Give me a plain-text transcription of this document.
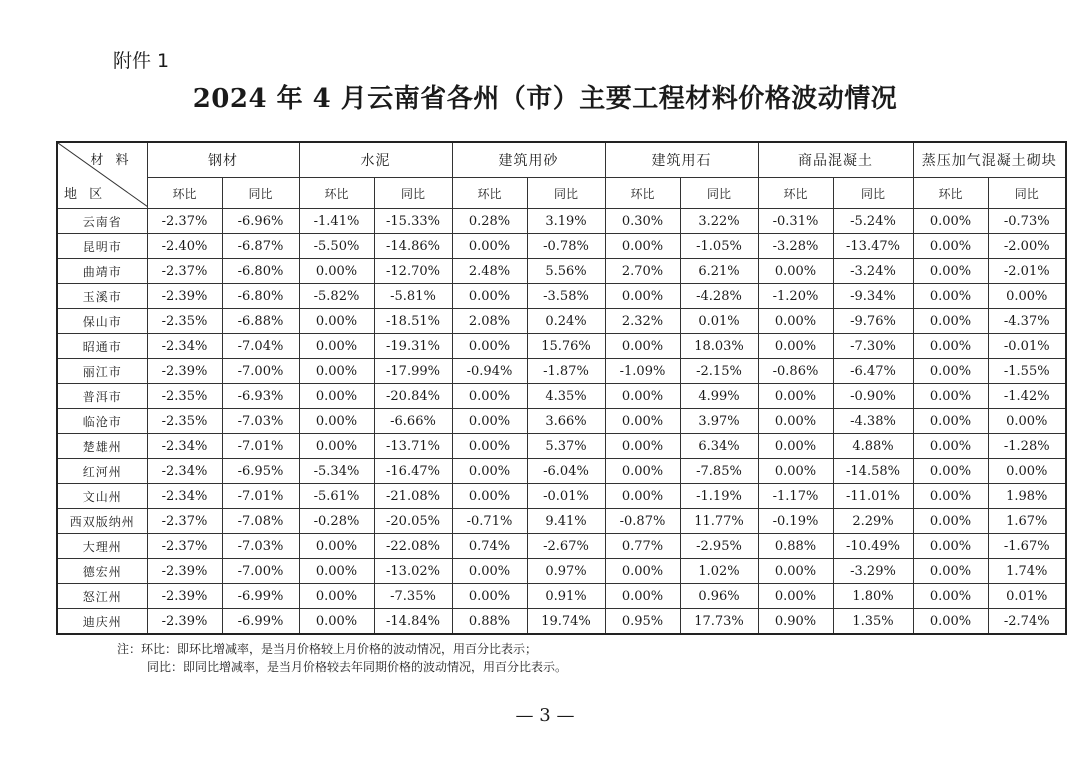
附件 1
2024 年 4 月云南省各州（市）主要工程材料价格波动情况
材 料
地 区	钢材		水泥		建筑用砂		建筑用石		商品混凝土		蒸压加气混凝土砌块	
	环比	同比	环比	同比	环比	同比	环比	同比	环比	同比	环比	同比
云南省	-2.37%	-6.96%	-1.41%	-15.33%	0.28%	3.19%	0.30%	3.22%	-0.31%	-5.24%	0.00%	-0.73%
昆明市	-2.40%	-6.87%	-5.50%	-14.86%	0.00%	-0.78%	0.00%	-1.05%	-3.28%	-13.47%	0.00%	-2.00%
曲靖市	-2.37%	-6.80%	0.00%	-12.70%	2.48%	5.56%	2.70%	6.21%	0.00%	-3.24%	0.00%	-2.01%
玉溪市	-2.39%	-6.80%	-5.82%	-5.81%	0.00%	-3.58%	0.00%	-4.28%	-1.20%	-9.34%	0.00%	0.00%
保山市	-2.35%	-6.88%	0.00%	-18.51%	2.08%	0.24%	2.32%	0.01%	0.00%	-9.76%	0.00%	-4.37%
昭通市	-2.34%	-7.04%	0.00%	-19.31%	0.00%	15.76%	0.00%	18.03%	0.00%	-7.30%	0.00%	-0.01%
丽江市	-2.39%	-7.00%	0.00%	-17.99%	-0.94%	-1.87%	-1.09%	-2.15%	-0.86%	-6.47%	0.00%	-1.55%
普洱市	-2.35%	-6.93%	0.00%	-20.84%	0.00%	4.35%	0.00%	4.99%	0.00%	-0.90%	0.00%	-1.42%
临沧市	-2.35%	-7.03%	0.00%	-6.66%	0.00%	3.66%	0.00%	3.97%	0.00%	-4.38%	0.00%	0.00%
楚雄州	-2.34%	-7.01%	0.00%	-13.71%	0.00%	5.37%	0.00%	6.34%	0.00%	4.88%	0.00%	-1.28%
红河州	-2.34%	-6.95%	-5.34%	-16.47%	0.00%	-6.04%	0.00%	-7.85%	0.00%	-14.58%	0.00%	0.00%
文山州	-2.34%	-7.01%	-5.61%	-21.08%	0.00%	-0.01%	0.00%	-1.19%	-1.17%	-11.01%	0.00%	1.98%
西双版纳州	-2.37%	-7.08%	-0.28%	-20.05%	-0.71%	9.41%	-0.87%	11.77%	-0.19%	2.29%	0.00%	1.67%
大理州	-2.37%	-7.03%	0.00%	-22.08%	0.74%	-2.67%	0.77%	-2.95%	0.88%	-10.49%	0.00%	-1.67%
德宏州	-2.39%	-7.00%	0.00%	-13.02%	0.00%	0.97%	0.00%	1.02%	0.00%	-3.29%	0.00%	1.74%
怒江州	-2.39%	-6.99%	0.00%	-7.35%	0.00%	0.91%	0.00%	0.96%	0.00%	1.80%	0.00%	0.01%
迪庆州	-2.39%	-6.99%	0.00%	-14.84%	0.88%	19.74%	0.95%	17.73%	0.90%	1.35%	0.00%	-2.74%
注：环比：即环比增减率，是当月价格较上月价格的波动情况，用百分比表示；
同比：即同比增减率，是当月价格较去年同期价格的波动情况，用百分比表示。
— 3 —
